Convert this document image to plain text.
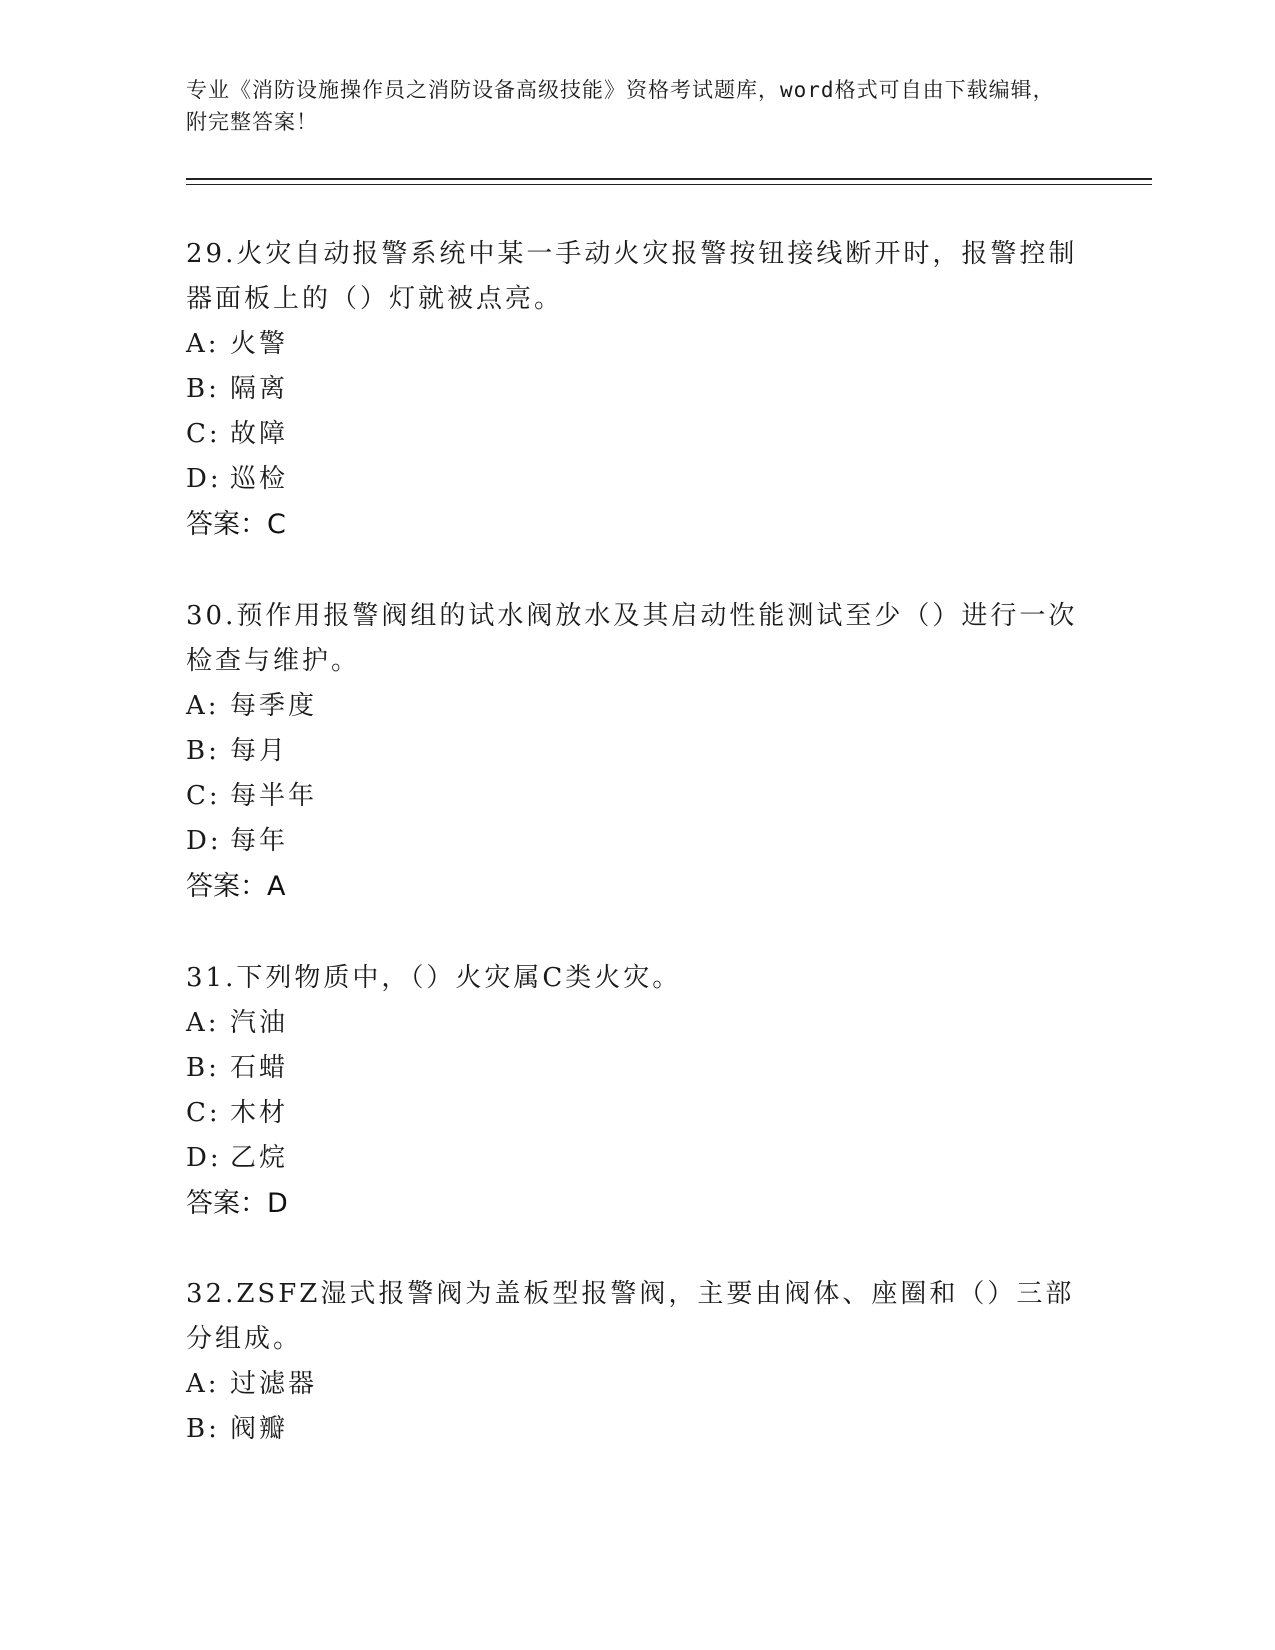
专业《消防设施操作员之消防设备高级技能》资格考试题库，word格式可自由下载编辑，附完整答案！

29.火灾自动报警系统中某一手动火灾报警按钮接线断开时，报警控制器面板上的（）灯就被点亮。

A: 火警

B: 隔离

C: 故障

D: 巡检

答案：C

30.预作用报警阀组的试水阀放水及其启动性能测试至少（）进行一次检查与维护。

A: 每季度

B: 每月

C: 每半年

D: 每年

答案：A

31.下列物质中，（）火灾属C类火灾。

A: 汽油

B: 石蜡

C: 木材

D: 乙烷

答案：D

32.ZSFZ湿式报警阀为盖板型报警阀，主要由阀体、座圈和（）三部分组成。

A: 过滤器

B: 阀瓣
